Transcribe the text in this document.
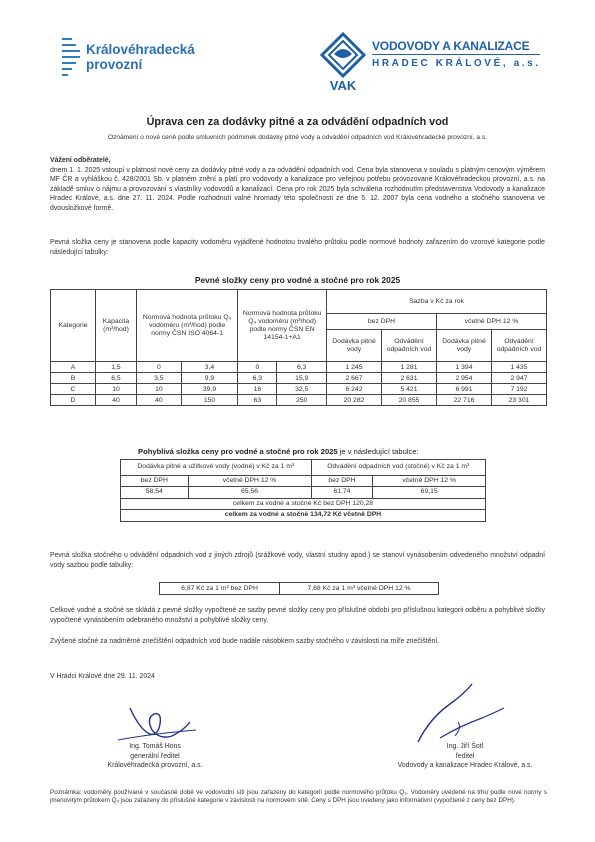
Královéhradecká
provozní
VAK
VODOVODY A KANALIZACE
HRADEC KRÁLOVÉ, a.s.
Úprava cen za dodávky pitné a za odvádění odpadních vod
Oznámení o nové ceně podle smluvních podmínek dodávky pitné vody a odvádění odpadních vod Královéhradecké provozní, a.s.

Vážení odběratelé,

dnem 1. 1. 2025 vstoupí v platnost nové ceny za dodávky pitné vody a za odvádění odpadních vod. Cena byla stanovena v souladu s platným cenovým výměrem MF ČR a vyhláškou č. 428/2001 Sb. v platném znění a platí pro vodovody a kanalizace pro veřejnou potřebu provozované Královéhradeckou provozní, a.s. na základě smluv o nájmu a provozování s vlastníky vodovodů a kanalizací. Cena pro rok 2025 byla schválena rozhodnutím představenstva Vodovody a kanalizace Hradec Králové, a.s. dne 27. 11. 2024. Podle rozhodnutí valné hromady této společnosti ze dne 5. 12. 2007 byla cena vodného a stočného stanovena ve dvousložkové formě.

Pevná složka ceny je stanovena podle kapacity vodoměru vyjádřené hodnotou trvalého průtoku podle normové hodnoty zařazením do vzorové kategorie podle následující tabulky:

Pevné složky ceny pro vodné a stočné pro rok 2025
Kategorie	Kapacita (m³/hod)	Normová hodnota průtoku Q₃ vodoměru (m³/hod) podle normy ČSN ISO 4064-1		Normová hodnota průtoku Q₃ vodoměru (m³/hod) podle normy ČSN EN 14154-1+A1		Sazba v Kč za rok			
						bez DPH		včetně DPH 12 %	
						Dodávka pitné vody	Odvádění odpadních vod	Dodávka pitné vody	Odvádění odpadních vod
A	1,5	0	3,4	0	6,3	1 245	1 281	1 394	1 435
B	6,5	3,5	9,9	6,3	15,9	2 667	2 631	2 954	2 947
C	10	10	39,9	16	32,5	6 242	5 421	6 991	7 192
D	40	40	150	63	250	20 282	20 855	22 716	23 301
Pohyblivá složka ceny pro vodné a stočné pro rok 2025 je v následující tabulce:
Dodávka pitné a užitkové vody (vodné) v Kč za 1 m³		Odvádění odpadních vod (stočné) v Kč za 1 m³	
bez DPH	včetně DPH 12 %	bez DPH	včetně DPH 12 %
58,54	65,56	61,74	69,15
celkem za vodné a stočné Kč bez DPH 120,28			
celkem za vodné a stočné 134,72 Kč včetně DPH			

Pevná složka stočného u odvádění odpadních vod z jiných zdrojů (srážkové vody, vlastní studny apod.) se stanoví vynásobením odvedeného množství odpadní vody sazbou podle tabulky:

6,87 Kč za 1 m³ bez DPH	7,68 Kč za 1 m³ včetně DPH 12 %

Celkové vodné a stočné se skládá z pevné složky vypočtené ze sazby pevné složky ceny pro příslušné období pro příslušnou kategorii odběru a pohyblivé složky vypočtené vynásobením odebraného množství a pohyblivé složky ceny.

Zvýšené stočné za nadměrné znečištění odpadních vod bude nadále násobkem sazby stočného v závislosti na míře znečištění.

V Hradci Králové dne 29. 11. 2024

Ing. Tomáš Hons
generální ředitel
Královéhradecká provozní, a.s.
Ing. Jiří Šotl
ředitel
Vodovody a kanalizace Hradec Králové, a.s.
Poznámka: vodoměry používané v současné době ve vodovodní síti jsou zařazeny do kategorií podle normového průtoku Q₃. Vodoměry uvedené na trhu podle nové normy s jmenovitým průtokem Q₃ jsou zařazeny do příslušné kategorie v závislosti na normovém sítě. Ceny s DPH jsou uvedeny jako informativní (vypočtené z ceny bez DPH).
